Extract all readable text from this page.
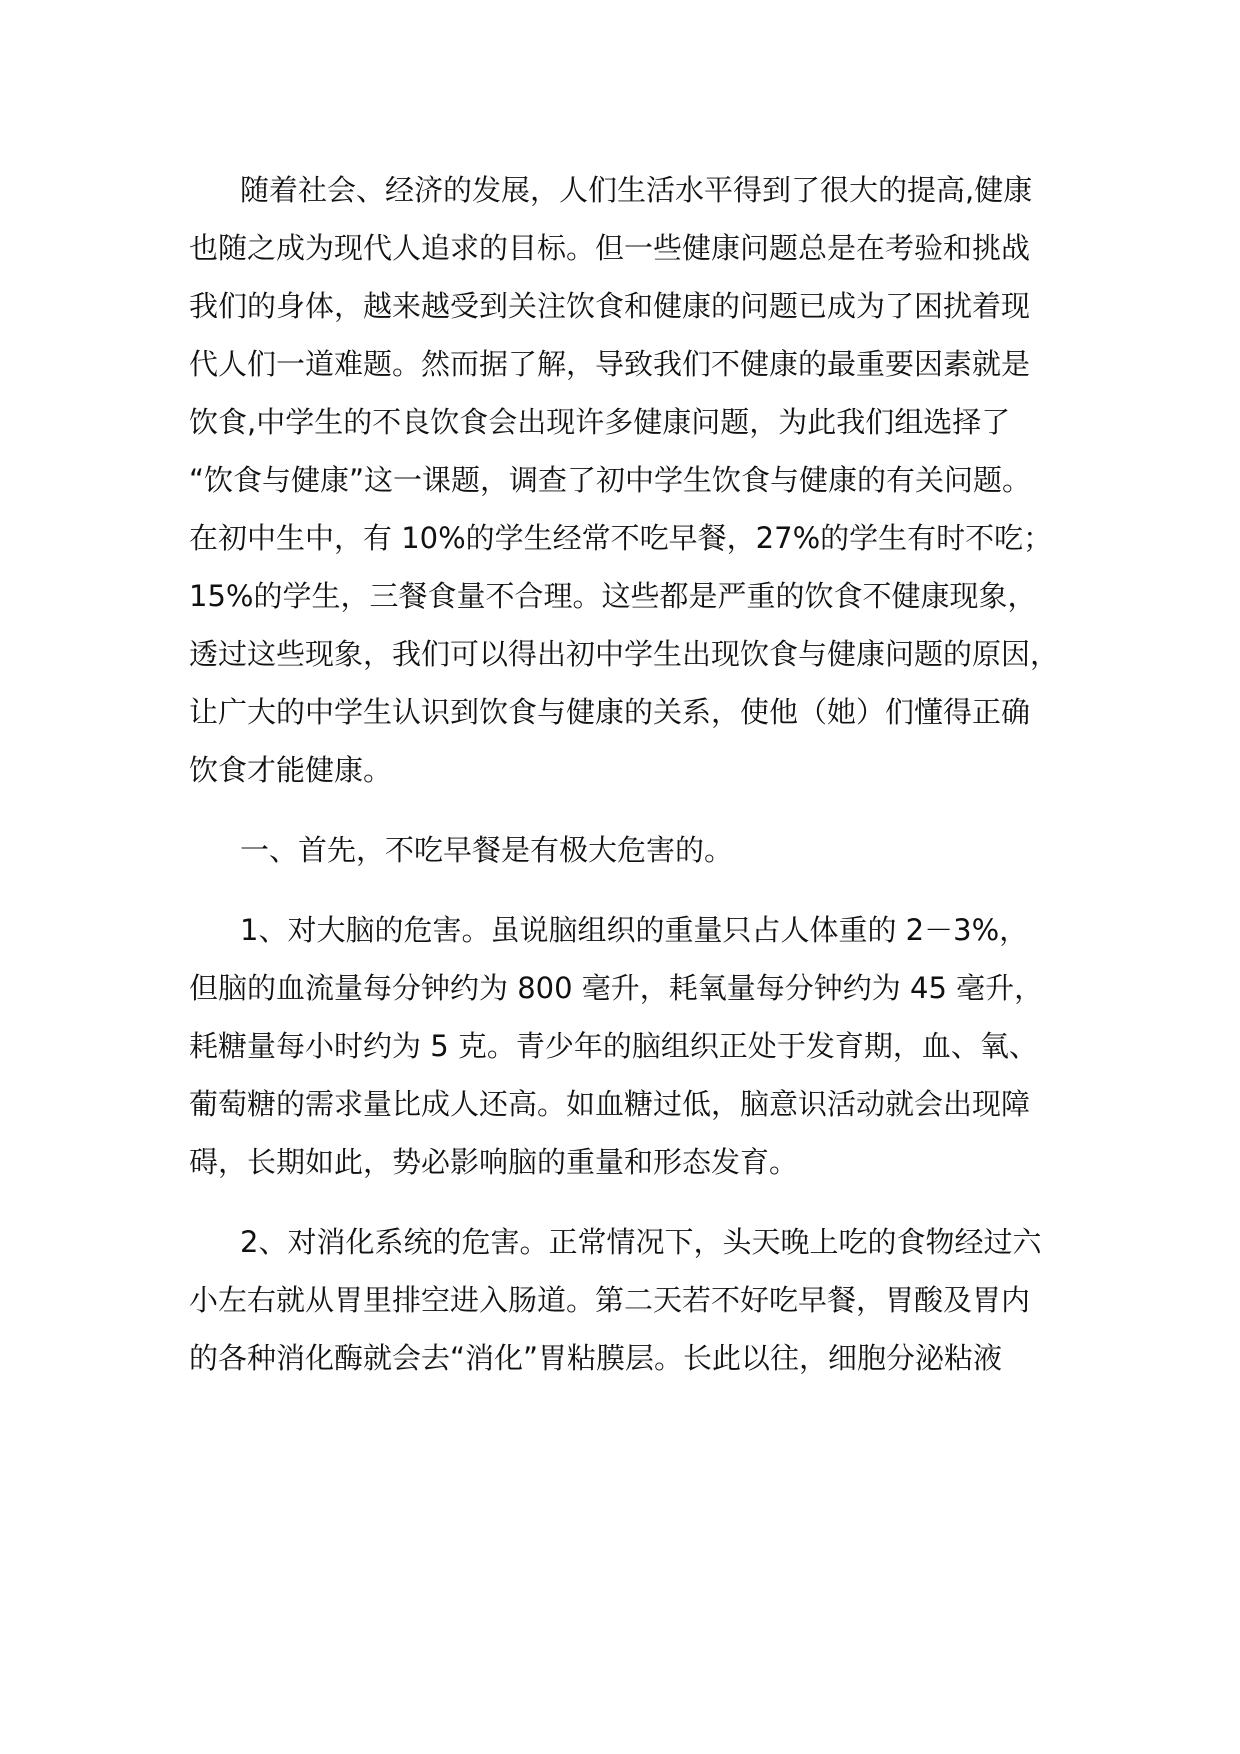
随着社会、经济的发展，人们生活水平得到了很大的提高,健康
也随之成为现代人追求的目标。但一些健康问题总是在考验和挑战
我们的身体，越来越受到关注饮食和健康的问题已成为了困扰着现
代人们一道难题。然而据了解，导致我们不健康的最重要因素就是
饮食,中学生的不良饮食会出现许多健康问题，为此我们组选择了
“饮食与健康”这一课题，调查了初中学生饮食与健康的有关问题。
在初中生中，有 10%的学生经常不吃早餐，27%的学生有时不吃；
15%的学生，三餐食量不合理。这些都是严重的饮食不健康现象，
透过这些现象，我们可以得出初中学生出现饮食与健康问题的原因，
让广大的中学生认识到饮食与健康的关系，使他（她）们懂得正确
饮食才能健康。
一、首先，不吃早餐是有极大危害的。
1、对大脑的危害。虽说脑组织的重量只占人体重的 2－3%，
但脑的血流量每分钟约为 800 毫升，耗氧量每分钟约为 45 毫升，
耗糖量每小时约为 5 克。青少年的脑组织正处于发育期，血、氧、
葡萄糖的需求量比成人还高。如血糖过低，脑意识活动就会出现障
碍，长期如此，势必影响脑的重量和形态发育。
2、对消化系统的危害。正常情况下，头天晚上吃的食物经过六
小左右就从胃里排空进入肠道。第二天若不好吃早餐，胃酸及胃内
的各种消化酶就会去“消化”胃粘膜层。长此以往，细胞分泌粘液
